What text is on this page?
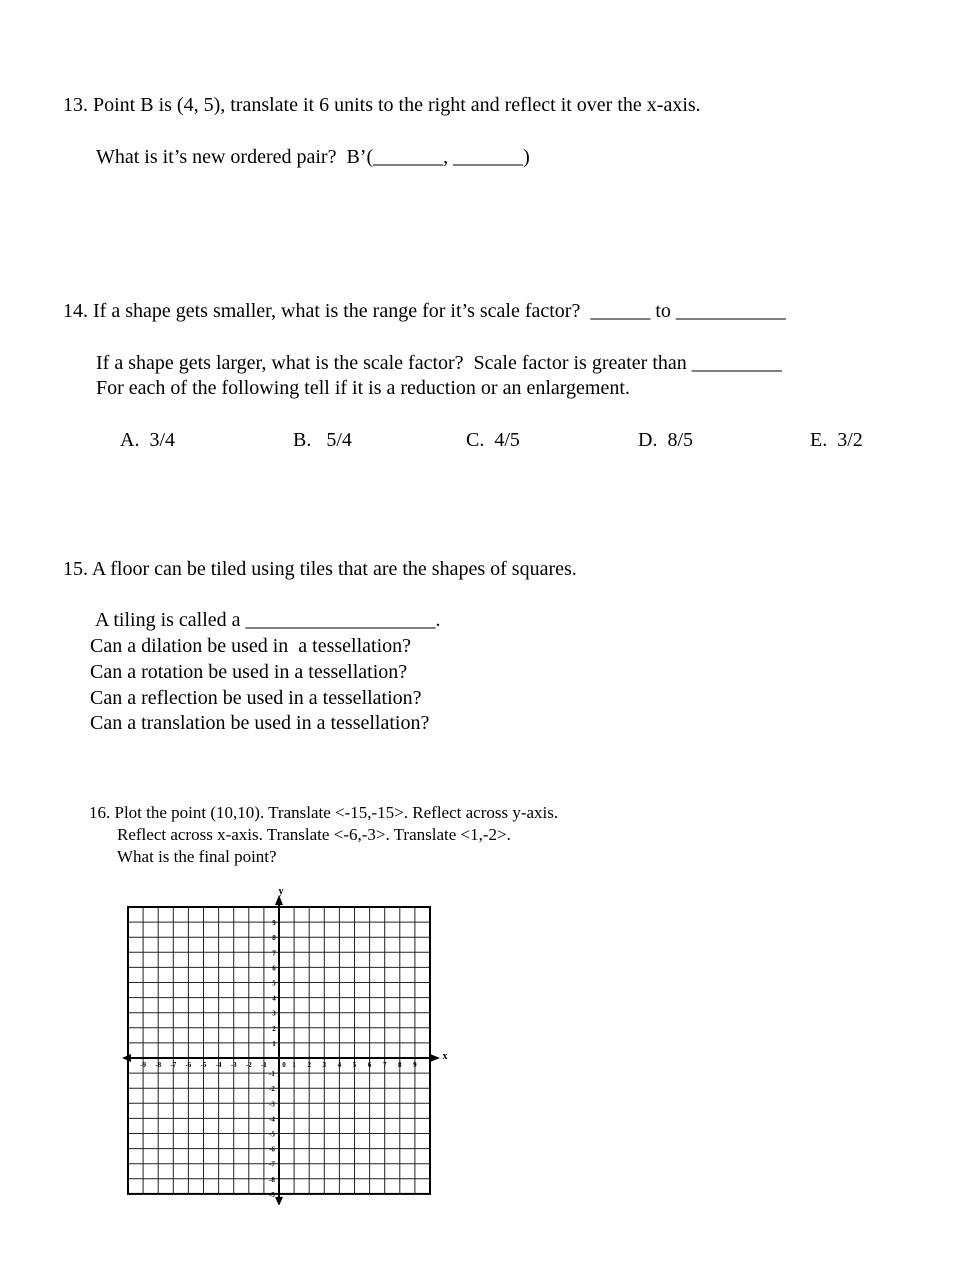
13. Point B is (4, 5), translate it 6 units to the right and reflect it over the x-axis.
What is it’s new ordered pair?  B’(_______, _______)
14. If a shape gets smaller, what is the range for it’s scale factor?  ______ to ___________
If a shape gets larger, what is the scale factor?  Scale factor is greater than _________
For each of the following tell if it is a reduction or an enlargement.
A.  3/4	B.   5/4	C.  4/5	D.  8/5	E.  3/2
15. A floor can be tiled using tiles that are the shapes of squares.
A tiling is called a ___________________.
Can a dilation be used in  a tessellation?
Can a rotation be used in a tessellation?
Can a reflection be used in a tessellation?
Can a translation be used in a tessellation?
16. Plot the point (10,10). Translate <-15,-15>. Reflect across y-axis.
Reflect across x-axis. Translate <-6,-3>. Translate <1,-2>.
What is the final point?
y
x
0
-9 -8 -7 -6 -5 -4 -3 -2 -1	1 2 3 4 5 6 7 8 9
9
8
7
6
5
4
3
2
1
-1
-2
-3
-4
-5
-6
-7
-8
-9
